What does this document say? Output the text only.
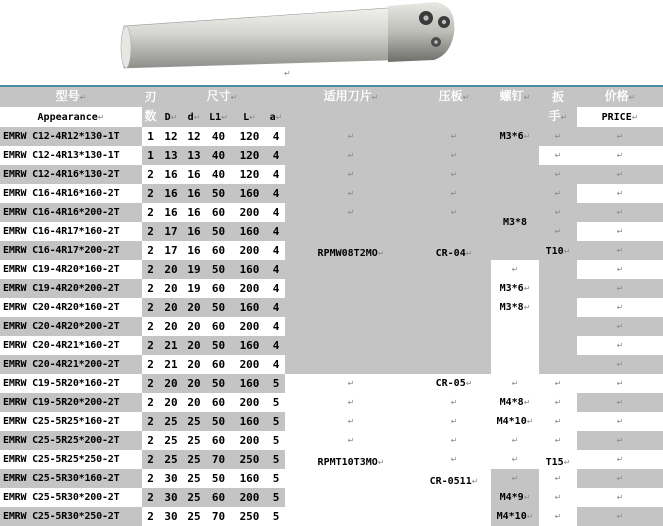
↵
型号↵	刃
数	尺寸↵					适用刀片↵	压板↵	螺钉↵	扳
手↵	价格↵
Appearance↵		D↵	d↵	L1↵	L↵	a↵					PRICE↵
EMRW C12-4R12*130-1T	1	12	12	40	120	4	↵	↵	M3*6↵	↵	↵
EMRW C12-4R13*130-1T	1	13	13	40	120	4	↵	↵		↵	↵
EMRW C12-4R16*130-2T	2	16	16	40	120	4	↵	↵		↵	↵
EMRW C16-4R16*160-2T	2	16	16	50	160	4	↵	↵	M3*8	↵	↵
EMRW C16-4R16*200-2T	2	16	16	60	200	4	↵	↵		↵	↵
EMRW C16-4R17*160-2T	2	17	16	50	160	4	RPMW08T2MO↵	CR-04↵		↵	↵
EMRW C16-4R17*200-2T	2	17	16	60	200	4				T10↵	↵
EMRW C19-4R20*160-2T	2	20	19	50	160	4			↵		↵
EMRW C19-4R20*200-2T	2	20	19	60	200	4			M3*6↵		↵
EMRW C20-4R20*160-2T	2	20	20	50	160	4			M3*8↵		↵
EMRW C20-4R20*200-2T	2	20	20	60	200	4					↵
EMRW C20-4R21*160-2T	2	21	20	50	160	4					↵
EMRW C20-4R21*200-2T	2	21	20	60	200	4					↵
EMRW C19-5R20*160-2T	2	20	20	50	160	5	↵	CR-05↵	↵	↵	↵
EMRW C19-5R20*200-2T	2	20	20	60	200	5	↵	↵	M4*8↵	↵	↵
EMRW C25-5R25*160-2T	2	25	25	50	160	5	↵	↵	M4*10↵	↵	↵
EMRW C25-5R25*200-2T	2	25	25	60	200	5	↵	↵	↵	↵	↵
EMRW C25-5R25*250-2T	2	25	25	70	250	5	RPMT10T3MO↵	↵	↵	T15↵	↵
EMRW C25-5R30*160-2T	2	30	25	50	160	5		CR-0511↵	↵	↵	↵
EMRW C25-5R30*200-2T	2	30	25	60	200	5			M4*9↵	↵	↵
EMRW C25-5R30*250-2T	2	30	25	70	250	5			M4*10↵	↵	↵
